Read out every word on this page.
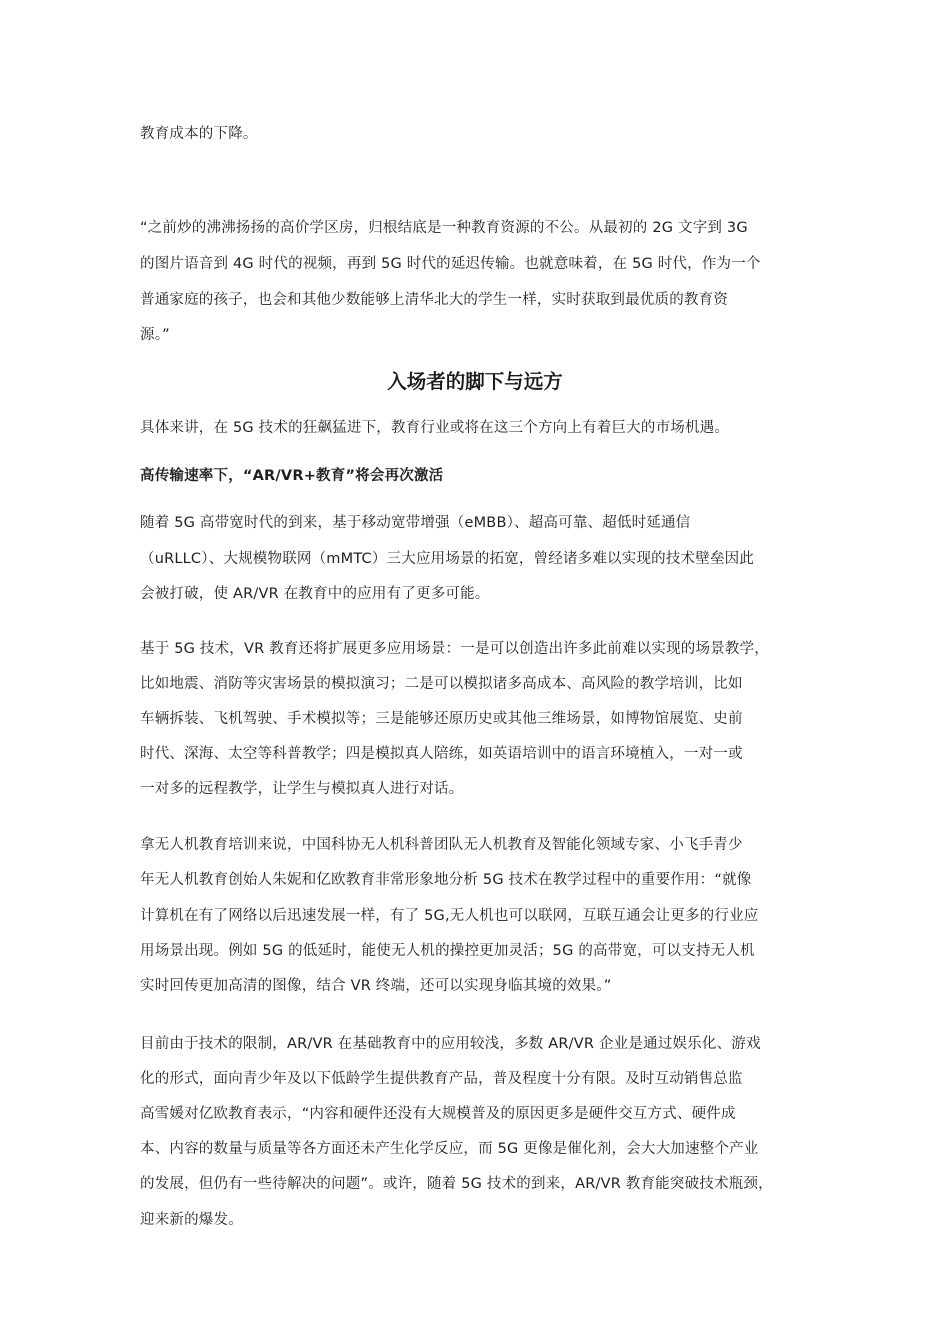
教育成本的下降。
“之前炒的沸沸扬扬的高价学区房，归根结底是一种教育资源的不公。从最初的 2G 文字到 3G
的图片语音到 4G 时代的视频，再到 5G 时代的延迟传输。也就意味着，在 5G 时代，作为一个
普通家庭的孩子，也会和其他少数能够上清华北大的学生一样，实时获取到最优质的教育资
源。”
入场者的脚下与远方
具体来讲，在 5G 技术的狂飙猛进下，教育行业或将在这三个方向上有着巨大的市场机遇。
高传输速率下，“AR/VR+教育”将会再次激活
随着 5G 高带宽时代的到来，基于移动宽带增强（eMBB）、超高可靠、超低时延通信
（uRLLC）、大规模物联网（mMTC）三大应用场景的拓宽，曾经诸多难以实现的技术壁垒因此
会被打破，使 AR/VR 在教育中的应用有了更多可能。
基于 5G 技术，VR 教育还将扩展更多应用场景：一是可以创造出许多此前难以实现的场景教学，
比如地震、消防等灾害场景的模拟演习；二是可以模拟诸多高成本、高风险的教学培训，比如
车辆拆装、飞机驾驶、手术模拟等；三是能够还原历史或其他三维场景，如博物馆展览、史前
时代、深海、太空等科普教学；四是模拟真人陪练，如英语培训中的语言环境植入，一对一或
一对多的远程教学，让学生与模拟真人进行对话。
拿无人机教育培训来说，中国科协无人机科普团队无人机教育及智能化领域专家、小飞手青少
年无人机教育创始人朱妮和亿欧教育非常形象地分析 5G 技术在教学过程中的重要作用：“就像
计算机在有了网络以后迅速发展一样，有了 5G,无人机也可以联网，互联互通会让更多的行业应
用场景出现。例如 5G 的低延时，能使无人机的操控更加灵活；5G 的高带宽，可以支持无人机
实时回传更加高清的图像，结合 VR 终端，还可以实现身临其境的效果。”
目前由于技术的限制，AR/VR 在基础教育中的应用较浅，多数 AR/VR 企业是通过娱乐化、游戏
化的形式，面向青少年及以下低龄学生提供教育产品，普及程度十分有限。及时互动销售总监
高雪媛对亿欧教育表示，“内容和硬件还没有大规模普及的原因更多是硬件交互方式、硬件成
本、内容的数量与质量等各方面还未产生化学反应，而 5G 更像是催化剂，会大大加速整个产业
的发展，但仍有一些待解决的问题”。或许，随着 5G 技术的到来，AR/VR 教育能突破技术瓶颈，
迎来新的爆发。
